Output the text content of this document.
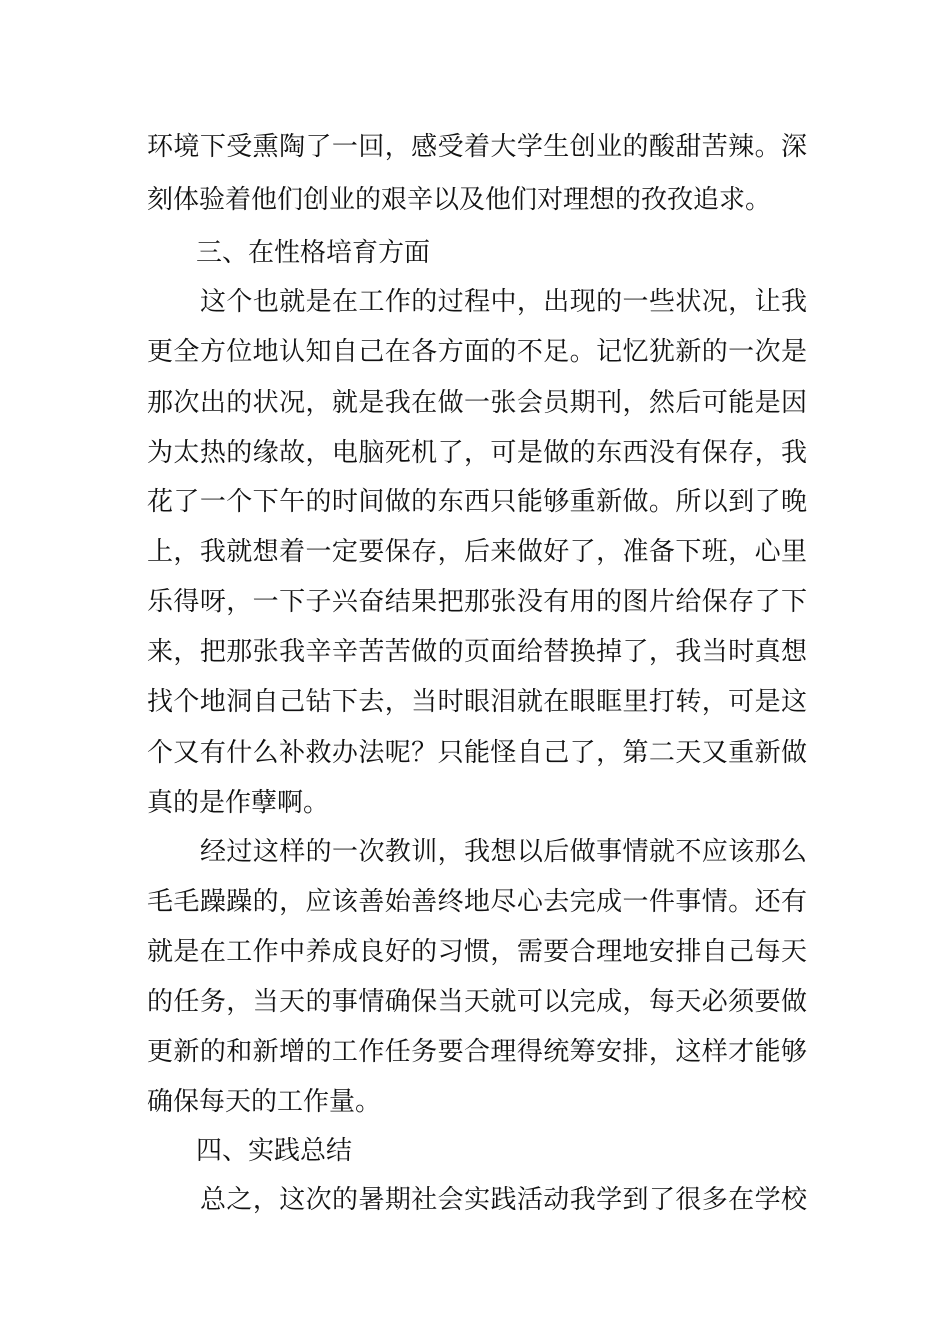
环境下受熏陶了一回，感受着大学生创业的酸甜苦辣。深
刻体验着他们创业的艰辛以及他们对理想的孜孜追求。
三、在性格培育方面
这个也就是在工作的过程中，出现的一些状况，让我
更全方位地认知自己在各方面的不足。记忆犹新的一次是
那次出的状况，就是我在做一张会员期刊，然后可能是因
为太热的缘故，电脑死机了，可是做的东西没有保存，我
花了一个下午的时间做的东西只能够重新做。所以到了晚
上，我就想着一定要保存，后来做好了，准备下班，心里
乐得呀，一下子兴奋结果把那张没有用的图片给保存了下
来，把那张我辛辛苦苦做的页面给替换掉了，我当时真想
找个地洞自己钻下去，当时眼泪就在眼眶里打转，可是这
个又有什么补救办法呢？只能怪自己了，第二天又重新做
真的是作孽啊。
经过这样的一次教训，我想以后做事情就不应该那么
毛毛躁躁的，应该善始善终地尽心去完成一件事情。还有
就是在工作中养成良好的习惯，需要合理地安排自己每天
的任务，当天的事情确保当天就可以完成，每天必须要做
更新的和新增的工作任务要合理得统筹安排，这样才能够
确保每天的工作量。
四、实践总结
总之，这次的暑期社会实践活动我学到了很多在学校
